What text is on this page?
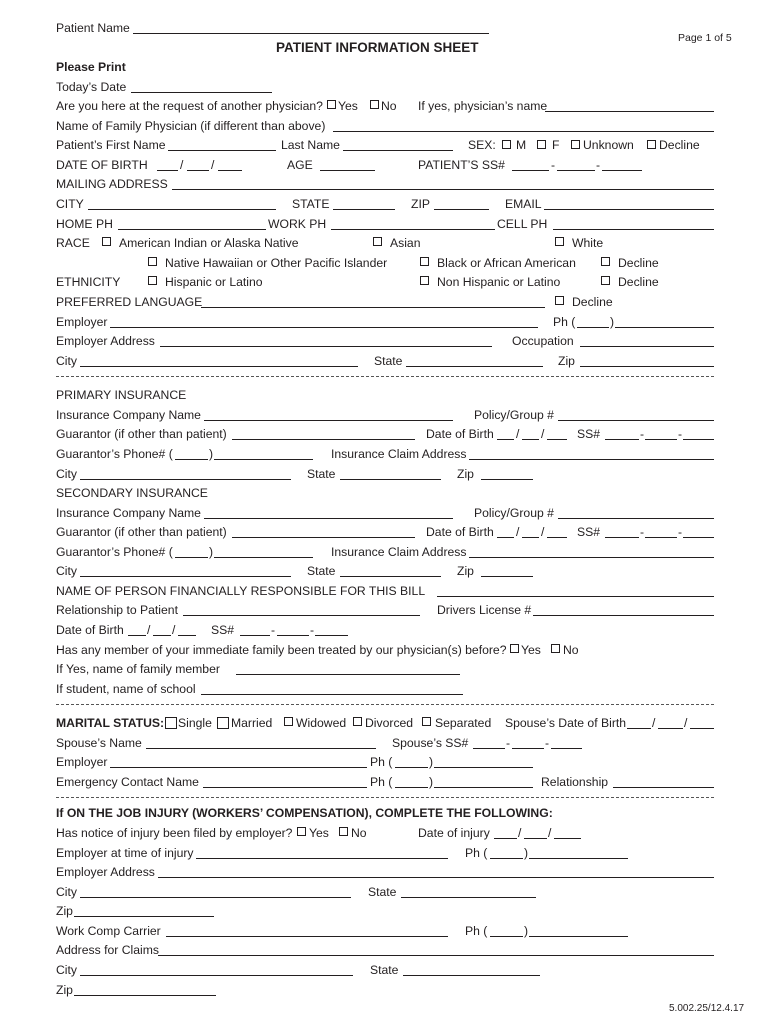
Patient Name
Page 1 of 5
PATIENT INFORMATION SHEET
Please Print
Today’s Date
Are you here at the request of another physician? Yes No If yes, physician’s name
Name of Family Physician (if different than above)
Patient’s First Name	Last Name	SEX: M F Unknown Decline
DATE OF BIRTH	/ /	AGE	PATIENT’S SS#	-	-
MAILING ADDRESS
CITY	STATE	ZIP	EMAIL
HOME PH	WORK PH	CELL PH
RACE American Indian or Alaska Native	Asian	White
Native Hawaiian or Other Pacific Islander	Black or African American	Decline
ETHNICITY	Hispanic or Latino	Non Hispanic or Latino	Decline
PREFERRED LANGUAGE	Decline
Employer	Ph (	)
Employer Address	Occupation
City	State	Zip
PRIMARY INSURANCE
Insurance Company Name	Policy/Group #
Guarantor (if other than patient)	Date of Birth / /	SS#	-	-
Guarantor’s Phone# (	)	Insurance Claim Address
City	State	Zip
SECONDARY INSURANCE
Insurance Company Name	Policy/Group #
Guarantor (if other than patient)	Date of Birth / /	SS#	-	-
Guarantor’s Phone# (	)	Insurance Claim Address
City	State	Zip
NAME OF PERSON FINANCIALLY RESPONSIBLE FOR THIS BILL
Relationship to Patient	Drivers License #
Date of Birth / /	SS#	-	-
Has any member of your immediate family been treated by our physician(s) before? Yes No
If Yes, name of family member
If student, name of school
MARITAL STATUS: Single Married Widowed Divorced Separated Spouse’s Date of Birth / /
Spouse’s Name	Spouse’s SS#	-	-
Employer	Ph (	)
Emergency Contact Name	Ph (	)	Relationship
If ON THE JOB INJURY (WORKERS’ COMPENSATION), COMPLETE THE FOLLOWING:
Has notice of injury been filed by employer? Yes No	Date of injury / /
Employer at time of injury	Ph (	)
Employer Address
City	State
Zip
Work Comp Carrier	Ph (	)
Address for Claims
City	State
Zip
5.002.25/12.4.17
